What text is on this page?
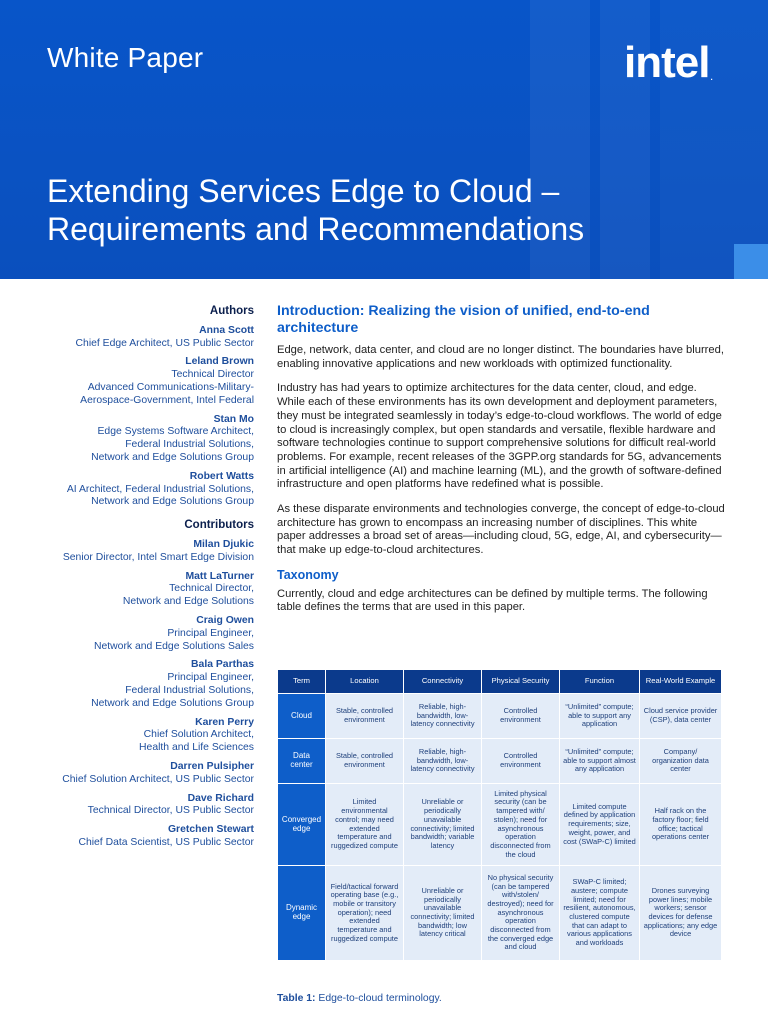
White Paper	intel.
Extending Services Edge to Cloud –
Requirements and Recommendations
Authors
Anna Scott
Chief Edge Architect, US Public Sector
Leland Brown
Technical Director
Advanced Communications-Military-
Aerospace-Government, Intel Federal
Stan Mo
Edge Systems Software Architect,
Federal Industrial Solutions,
Network and Edge Solutions Group
Robert Watts
AI Architect, Federal Industrial Solutions,
Network and Edge Solutions Group
Contributors
Milan Djukic
Senior Director, Intel Smart Edge Division
Matt LaTurner
Technical Director,
Network and Edge Solutions
Craig Owen
Principal Engineer,
Network and Edge Solutions Sales
Bala Parthas
Principal Engineer,
Federal Industrial Solutions,
Network and Edge Solutions Group
Karen Perry
Chief Solution Architect,
Health and Life Sciences
Darren Pulsipher
Chief Solution Architect, US Public Sector
Dave Richard
Technical Director, US Public Sector
Gretchen Stewart
Chief Data Scientist, US Public Sector
Introduction: Realizing the vision of unified, end-to-end architecture

Edge, network, data center, and cloud are no longer distinct. The boundaries have blurred, enabling innovative applications and new workloads with optimized functionality.

Industry has had years to optimize architectures for the data center, cloud, and edge. While each of these environments has its own development and deployment parameters, they must be integrated seamlessly in today’s edge-to-cloud workflows. The world of edge to cloud is increasingly complex, but open standards and versatile, flexible hardware and software technologies continue to support comprehensive solutions for difficult real-world problems. For example, recent releases of the 3GPP.org standards for 5G, advancements in artificial intelligence (AI) and machine learning (ML), and the growth of software-defined infrastructure and open platforms have redefined what is possible.

As these disparate environments and technologies converge, the concept of edge-to-cloud architecture has grown to encompass an increasing number of disciplines. This white paper addresses a broad set of areas—including cloud, 5G, edge, AI, and cybersecurity—that make up edge-to-cloud architectures.

Taxonomy

Currently, cloud and edge architectures can be defined by multiple terms. The following table defines the terms that are used in this paper.

Term	Location	Connectivity	Physical Security	Function	Real-World Example
Cloud	Stable, controlled environment	Reliable, high-bandwidth, low-latency connectivity	Controlled environment	“Unlimited” compute; able to support any application	Cloud service provider (CSP), data center
Data center	Stable, controlled environment	Reliable, high-bandwidth, low-latency connectivity	Controlled environment	“Unlimited” compute; able to support almost any application	Company/ organization data center
Converged edge	Limited environmental control; may need extended temperature and ruggedized compute	Unreliable or periodically unavailable connectivity; limited bandwidth; variable latency	Limited physical security (can be tampered with/ stolen); need for asynchronous operation disconnected from the cloud	Limited compute defined by application requirements; size, weight, power, and cost (SWaP-C) limited	Half rack on the factory floor; field office; tactical operations center
Dynamic edge	Field/tactical forward operating base (e.g., mobile or transitory operation); need extended temperature and ruggedized compute	Unreliable or periodically unavailable connectivity; limited bandwidth; low latency critical	No physical security (can be tampered with/stolen/ destroyed); need for asynchronous operation disconnected from the converged edge and cloud	SWaP-C limited; austere; compute limited; need for resilient, autonomous, clustered compute that can adapt to various applications and workloads	Drones surveying power lines; mobile workers; sensor devices for defense applications; any edge device
Table 1: Edge-to-cloud terminology.
